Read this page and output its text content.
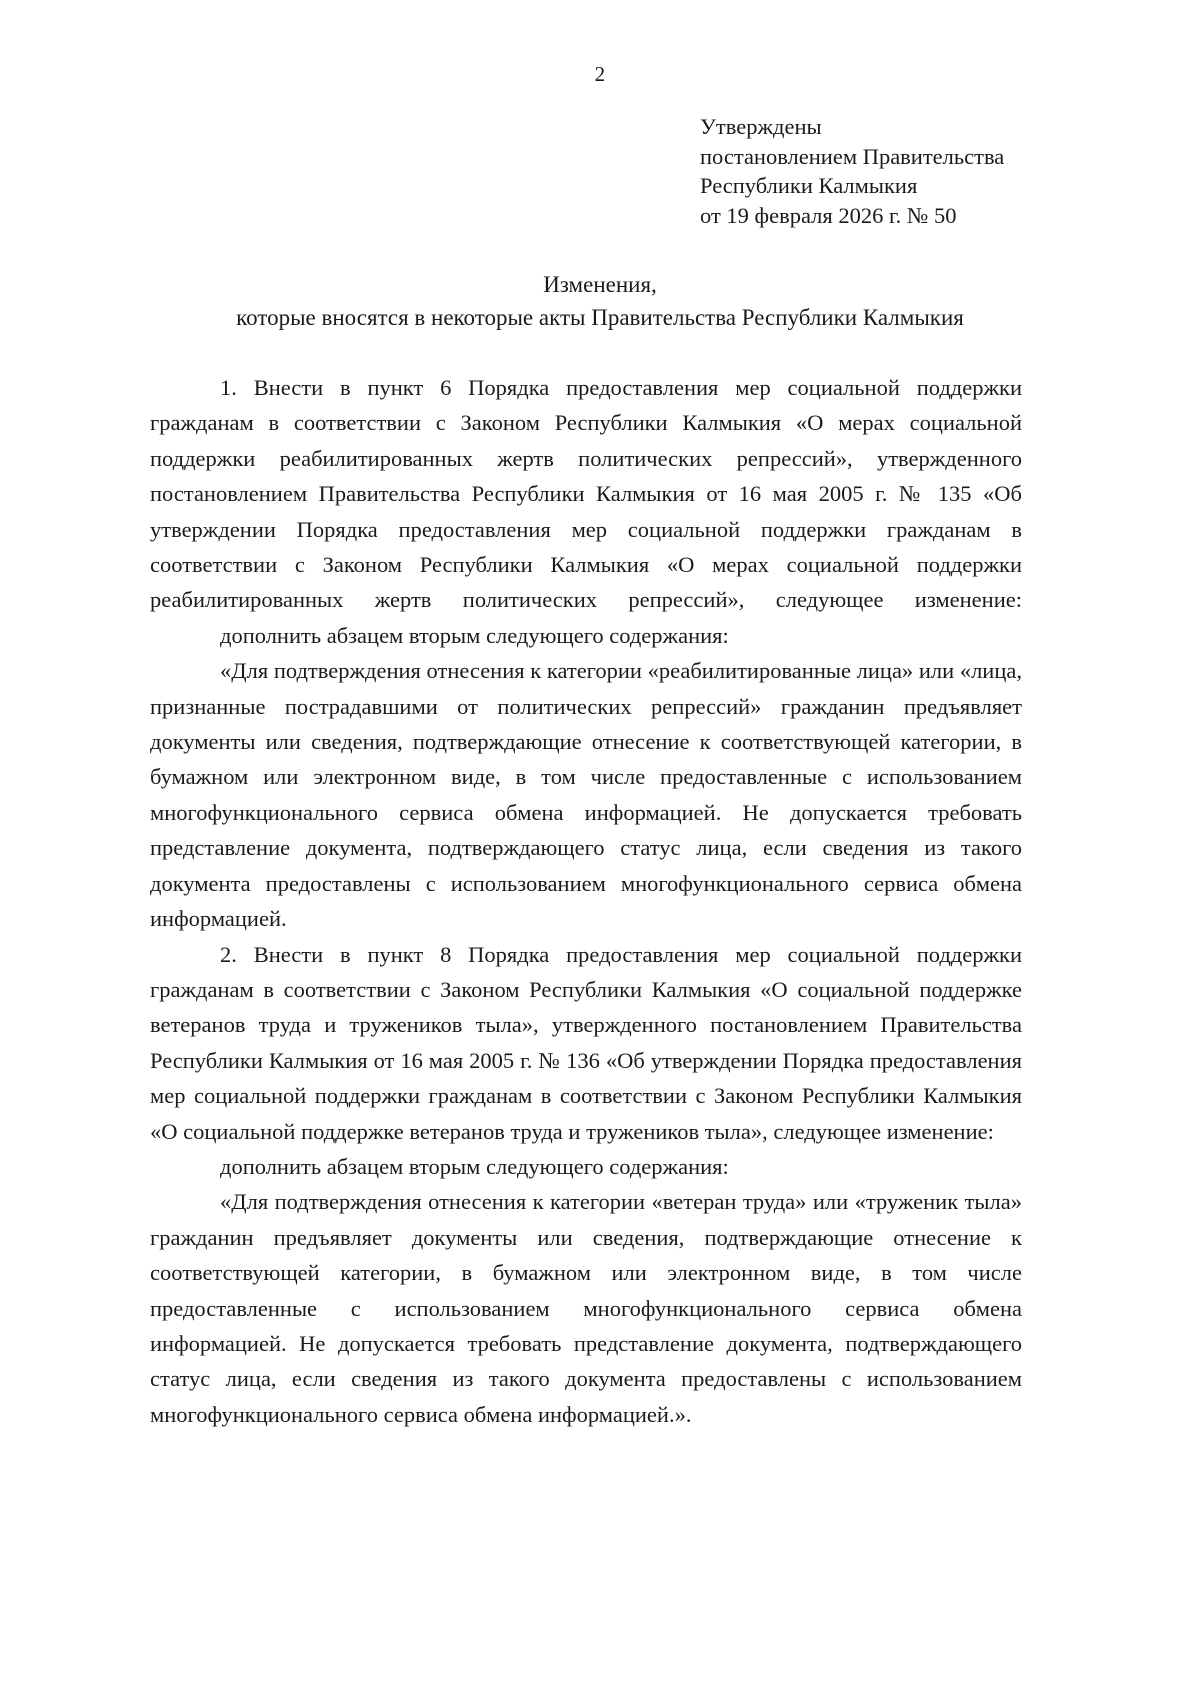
2
Утверждены
постановлением Правительства
Республики Калмыкия
от 19 февраля 2026 г. № 50
Изменения,
которые вносятся в некоторые акты Правительства Республики Калмыкия

1. Внести в пункт 6 Порядка предоставления мер социальной поддержки гражданам в соответствии с Законом Республики Калмыкия «О мерах социальной поддержки реабилитированных жертв политических репрессий», утвержденного постановлением Правительства Республики Калмыкия от 16 мая 2005 г. № 135 «Об утверждении Порядка предоставления мер социальной поддержки гражданам в соответствии с Законом Республики Калмыкия «О мерах социальной поддержки реабилитированных жертв политических репрессий», следующее изменение:

дополнить абзацем вторым следующего содержания:

«Для подтверждения отнесения к категории «реабилитированные лица» или «лица, признанные пострадавшими от политических репрессий» гражданин предъявляет документы или сведения, подтверждающие отнесение к соответствующей категории, в бумажном или электронном виде, в том числе предоставленные с использованием многофункционального сервиса обмена информацией. Не допускается требовать представление документа, подтверждающего статус лица, если сведения из такого документа предоставлены с использованием многофункционального сервиса обмена информацией.

2. Внести в пункт 8 Порядка предоставления мер социальной поддержки гражданам в соответствии с Законом Республики Калмыкия «О социальной поддержке ветеранов труда и тружеников тыла», утвержденного постановлением Правительства Республики Калмыкия от 16 мая 2005 г. № 136 «Об утверждении Порядка предоставления мер социальной поддержки гражданам в соответствии с Законом Республики Калмыкия «О социальной поддержке ветеранов труда и тружеников тыла», следующее изменение:

дополнить абзацем вторым следующего содержания:

«Для подтверждения отнесения к категории «ветеран труда» или «труженик тыла» гражданин предъявляет документы или сведения, подтверждающие отнесение к соответствующей категории, в бумажном или электронном виде, в том числе предоставленные с использованием многофункционального сервиса обмена информацией. Не допускается требовать представление документа, подтверждающего статус лица, если сведения из такого документа предоставлены с использованием многофункционального сервиса обмена информацией.».
